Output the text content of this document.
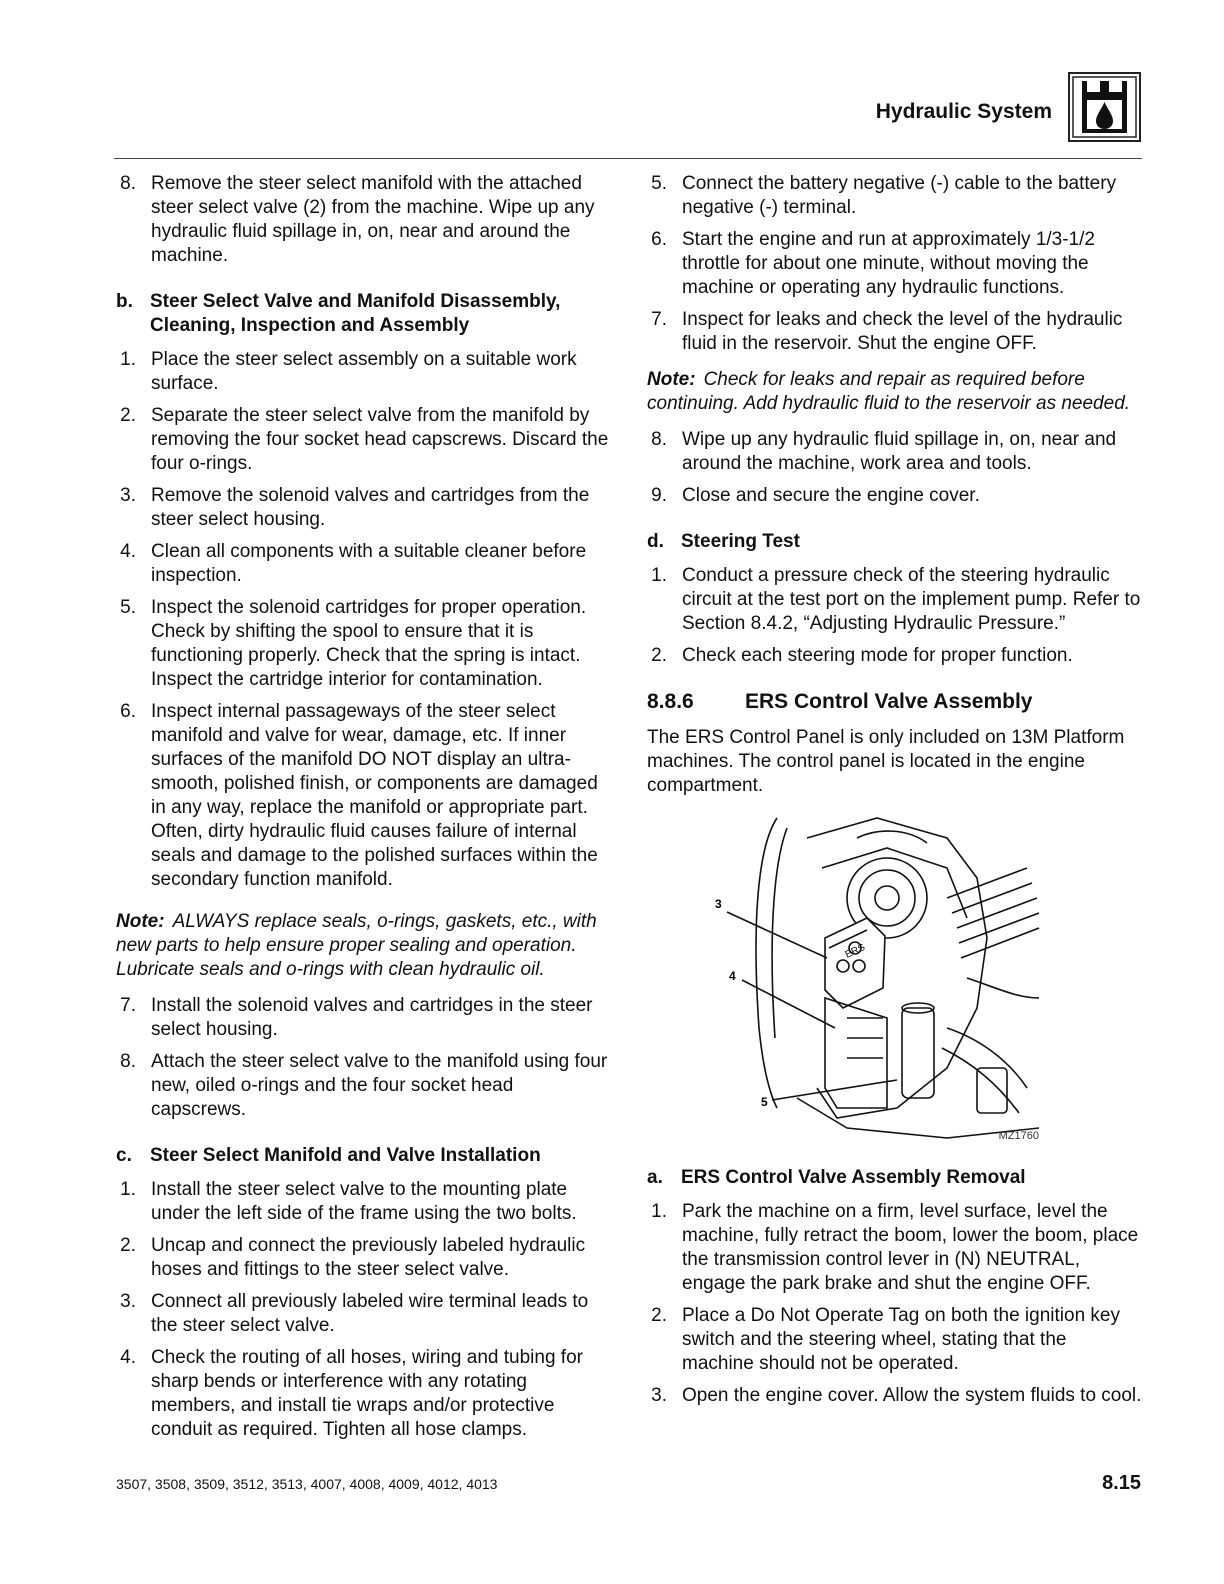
Hydraulic System
8. Remove the steer select manifold with the attached steer select valve (2) from the machine. Wipe up any hydraulic fluid spillage in, on, near and around the machine.
b. Steer Select Valve and Manifold Disassembly, Cleaning, Inspection and Assembly
1. Place the steer select assembly on a suitable work surface.
2. Separate the steer select valve from the manifold by removing the four socket head capscrews. Discard the four o-rings.
3. Remove the solenoid valves and cartridges from the steer select housing.
4. Clean all components with a suitable cleaner before inspection.
5. Inspect the solenoid cartridges for proper operation. Check by shifting the spool to ensure that it is functioning properly. Check that the spring is intact. Inspect the cartridge interior for contamination.
6. Inspect internal passageways of the steer select manifold and valve for wear, damage, etc. If inner surfaces of the manifold DO NOT display an ultra-smooth, polished finish, or components are damaged in any way, replace the manifold or appropriate part. Often, dirty hydraulic fluid causes failure of internal seals and damage to the polished surfaces within the secondary function manifold.
Note: ALWAYS replace seals, o-rings, gaskets, etc., with new parts to help ensure proper sealing and operation. Lubricate seals and o-rings with clean hydraulic oil.
7. Install the solenoid valves and cartridges in the steer select housing.
8. Attach the steer select valve to the manifold using four new, oiled o-rings and the four socket head capscrews.
c. Steer Select Manifold and Valve Installation
1. Install the steer select valve to the mounting plate under the left side of the frame using the two bolts.
2. Uncap and connect the previously labeled hydraulic hoses and fittings to the steer select valve.
3. Connect all previously labeled wire terminal leads to the steer select valve.
4. Check the routing of all hoses, wiring and tubing for sharp bends or interference with any rotating members, and install tie wraps and/or protective conduit as required. Tighten all hose clamps.
5. Connect the battery negative (-) cable to the battery negative (-) terminal.
6. Start the engine and run at approximately 1/3-1/2 throttle for about one minute, without moving the machine or operating any hydraulic functions.
7. Inspect for leaks and check the level of the hydraulic fluid in the reservoir. Shut the engine OFF.
Note: Check for leaks and repair as required before continuing. Add hydraulic fluid to the reservoir as needed.
8. Wipe up any hydraulic fluid spillage in, on, near and around the machine, work area and tools.
9. Close and secure the engine cover.
d. Steering Test
1. Conduct a pressure check of the steering hydraulic circuit at the test port on the implement pump. Refer to Section 8.4.2, “Adjusting Hydraulic Pressure.”
2. Check each steering mode for proper function.
8.8.6	ERS Control Valve Assembly
The ERS Control Panel is only included on 13M Platform machines. The control panel is located in the engine compartment.
ERS
3
4
5
MZ1760
a. ERS Control Valve Assembly Removal
1. Park the machine on a firm, level surface, level the machine, fully retract the boom, lower the boom, place the transmission control lever in (N) NEUTRAL, engage the park brake and shut the engine OFF.
2. Place a Do Not Operate Tag on both the ignition key switch and the steering wheel, stating that the machine should not be operated.
3. Open the engine cover. Allow the system fluids to cool.
3507, 3508, 3509, 3512, 3513, 4007, 4008, 4009, 4012, 4013	8.15
